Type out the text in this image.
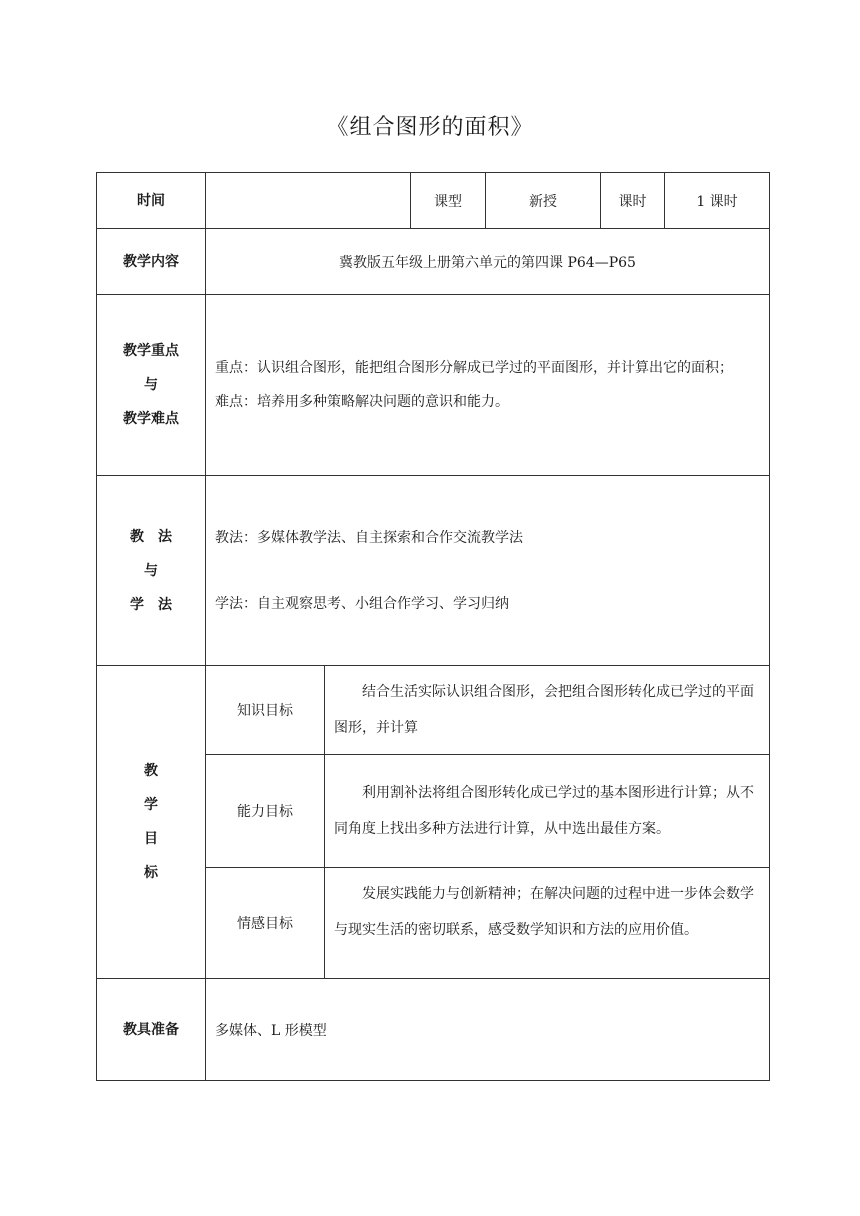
《组合图形的面积》
时间			课型	新授	课时	1 课时
教学内容	冀教版五年级上册第六单元的第四课 P64—P65					

教学重点
与
教学难点	重点：认识组合图形，能把组合图形分解成已学过的平面图形，并计算出它的面积；
难点：培养用多种策略解决问题的意识和能力。					

教　法
与
学　法	教法：多媒体教学法、自主探索和合作交流教学法
学法：自主观察思考、小组合作学习、学习归纳					

教
学
目
标	知识目标	结合生活实际认识组合图形，会把组合图形转化成已学过的平面图形，并计算				
	能力目标	利用割补法将组合图形转化成已学过的基本图形进行计算；从不同角度上找出多种方法进行计算，从中选出最佳方案。				
	情感目标	发展实践能力与创新精神；在解决问题的过程中进一步体会数学与现实生活的密切联系，感受数学知识和方法的应用价值。				
教具准备	多媒体、L 形模型					
